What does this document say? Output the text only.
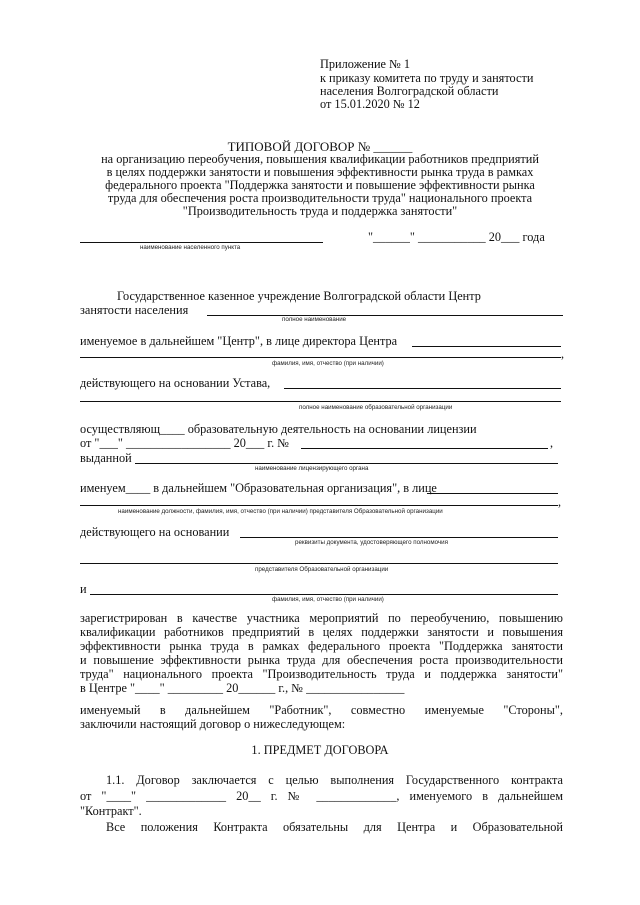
Приложение № 1
к приказу комитета по труду и занятости
населения Волгоградской области
от 15.01.2020 № 12
ТИПОВОЙ ДОГОВОР № ______
на организацию переобучения, повышения квалификации работников предприятий
в целях поддержки занятости и повышения эффективности рынка труда в рамках
федерального проекта "Поддержка занятости и повышение эффективности рынка
труда для обеспечения роста производительности труда" национального проекта
"Производительность труда и поддержка занятости"
наименование населенного пункта
"______" ___________ 20___ года
Государственное казенное учреждение Волгоградской области Центр
занятости населения
полное наименование
именуемое в дальнейшем "Центр", в лице директора Центра
,
фамилия, имя, отчество (при наличии)
действующего на основании Устава,
полное наименование образовательной организации
осуществляющ____ образовательную деятельность на основании лицензии
от "___" _________________ 20___ г. №	,
выданной
наименование лицензирующего органа
именуем____ в дальнейшем "Образовательная организация", в лице
,
наименование должности, фамилия, имя, отчество (при наличии) представителя Образовательной организации
действующего на основании
реквизиты документа, удостоверяющего полномочия
представителя Образовательной организации
и
фамилия, имя, отчество (при наличии)
зарегистрирован в качестве участника мероприятий по переобучению, повышению
квалификации работников предприятий в целях поддержки занятости и повышения
эффективности рынка труда в рамках федерального проекта "Поддержка занятости
и повышение эффективности рынка труда для обеспечения роста производительности
труда" национального проекта "Производительность труда и поддержка занятости"
в Центре "____" _________ 20______ г., № ________________
именуемый в дальнейшем "Работник", совместно именуемые "Стороны",
заключили настоящий договор о нижеследующем:
1. ПРЕДМЕТ ДОГОВОРА
1.1. Договор заключается с целью выполнения Государственного контракта
от "____" _____________ 20__ г. № _____________, именуемого в дальнейшем
"Контракт".
Все положения Контракта обязательны для Центра и Образовательной
